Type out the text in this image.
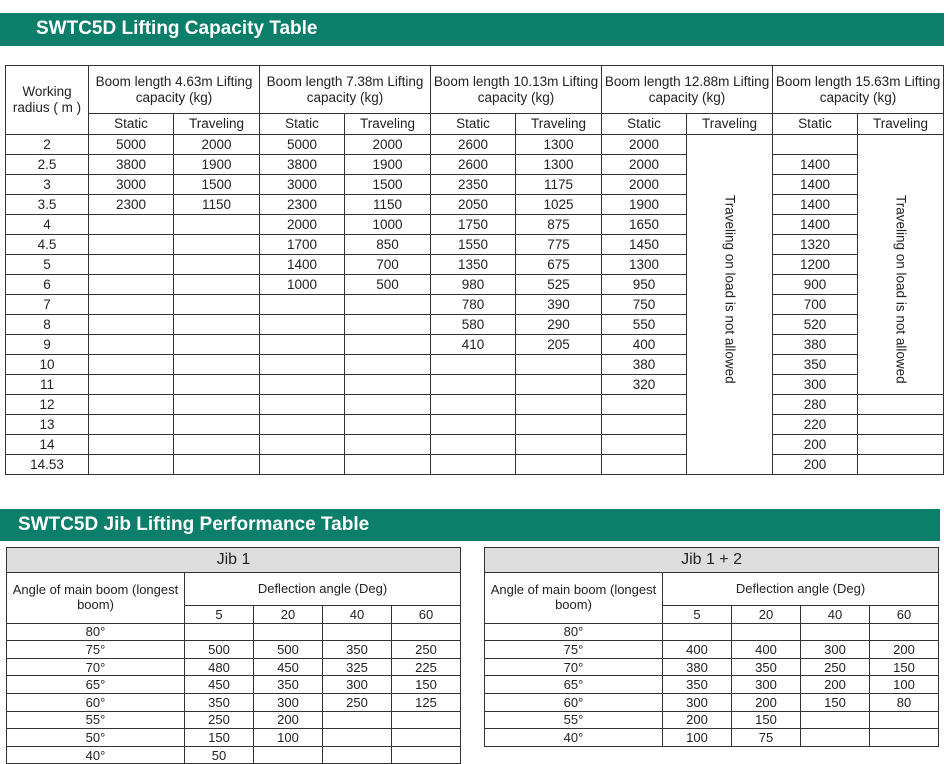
SWTC5D Lifting Capacity Table
Working radius ( m )	Boom length 4.63m Lifting capacity (kg)		Boom length 7.38m Lifting capacity (kg)		Boom length 10.13m Lifting capacity (kg)		Boom length 12.88m Lifting capacity (kg)		Boom length 15.63m Lifting capacity (kg)	
	Static	Traveling	Static	Traveling	Static	Traveling	Static	Traveling	Static	Traveling
2	5000	2000	5000	2000	2600	1300	2000	Traveling on load is not allowed		Traveling on load is not allowed
2.5	3800	1900	3800	1900	2600	1300	2000		1400	
3	3000	1500	3000	1500	2350	1175	2000		1400	
3.5	2300	1150	2300	1150	2050	1025	1900		1400	
4			2000	1000	1750	875	1650		1400	
4.5			1700	850	1550	775	1450		1320	
5			1400	700	1350	675	1300		1200	
6			1000	500	980	525	950		900	
7					780	390	750		700	
8					580	290	550		520	
9					410	205	400		380	
10							380		350	
11							320		300	
12									280	
13									220	
14									200	
14.53									200	
SWTC5D Jib Lifting Performance Table
Jib 1				
Angle of main boom (longest boom)	Deflection angle (Deg)			
	5	20	40	60
80°				
75°	500	500	350	250
70°	480	450	325	225
65°	450	350	300	150
60°	350	300	250	125
55°	250	200		
50°	150	100		
40°	50			
Jib 1 + 2				
Angle of main boom (longest boom)	Deflection angle (Deg)			
	5	20	40	60
80°				
75°	400	400	300	200
70°	380	350	250	150
65°	350	300	200	100
60°	300	200	150	80
55°	200	150		
40°	100	75		
